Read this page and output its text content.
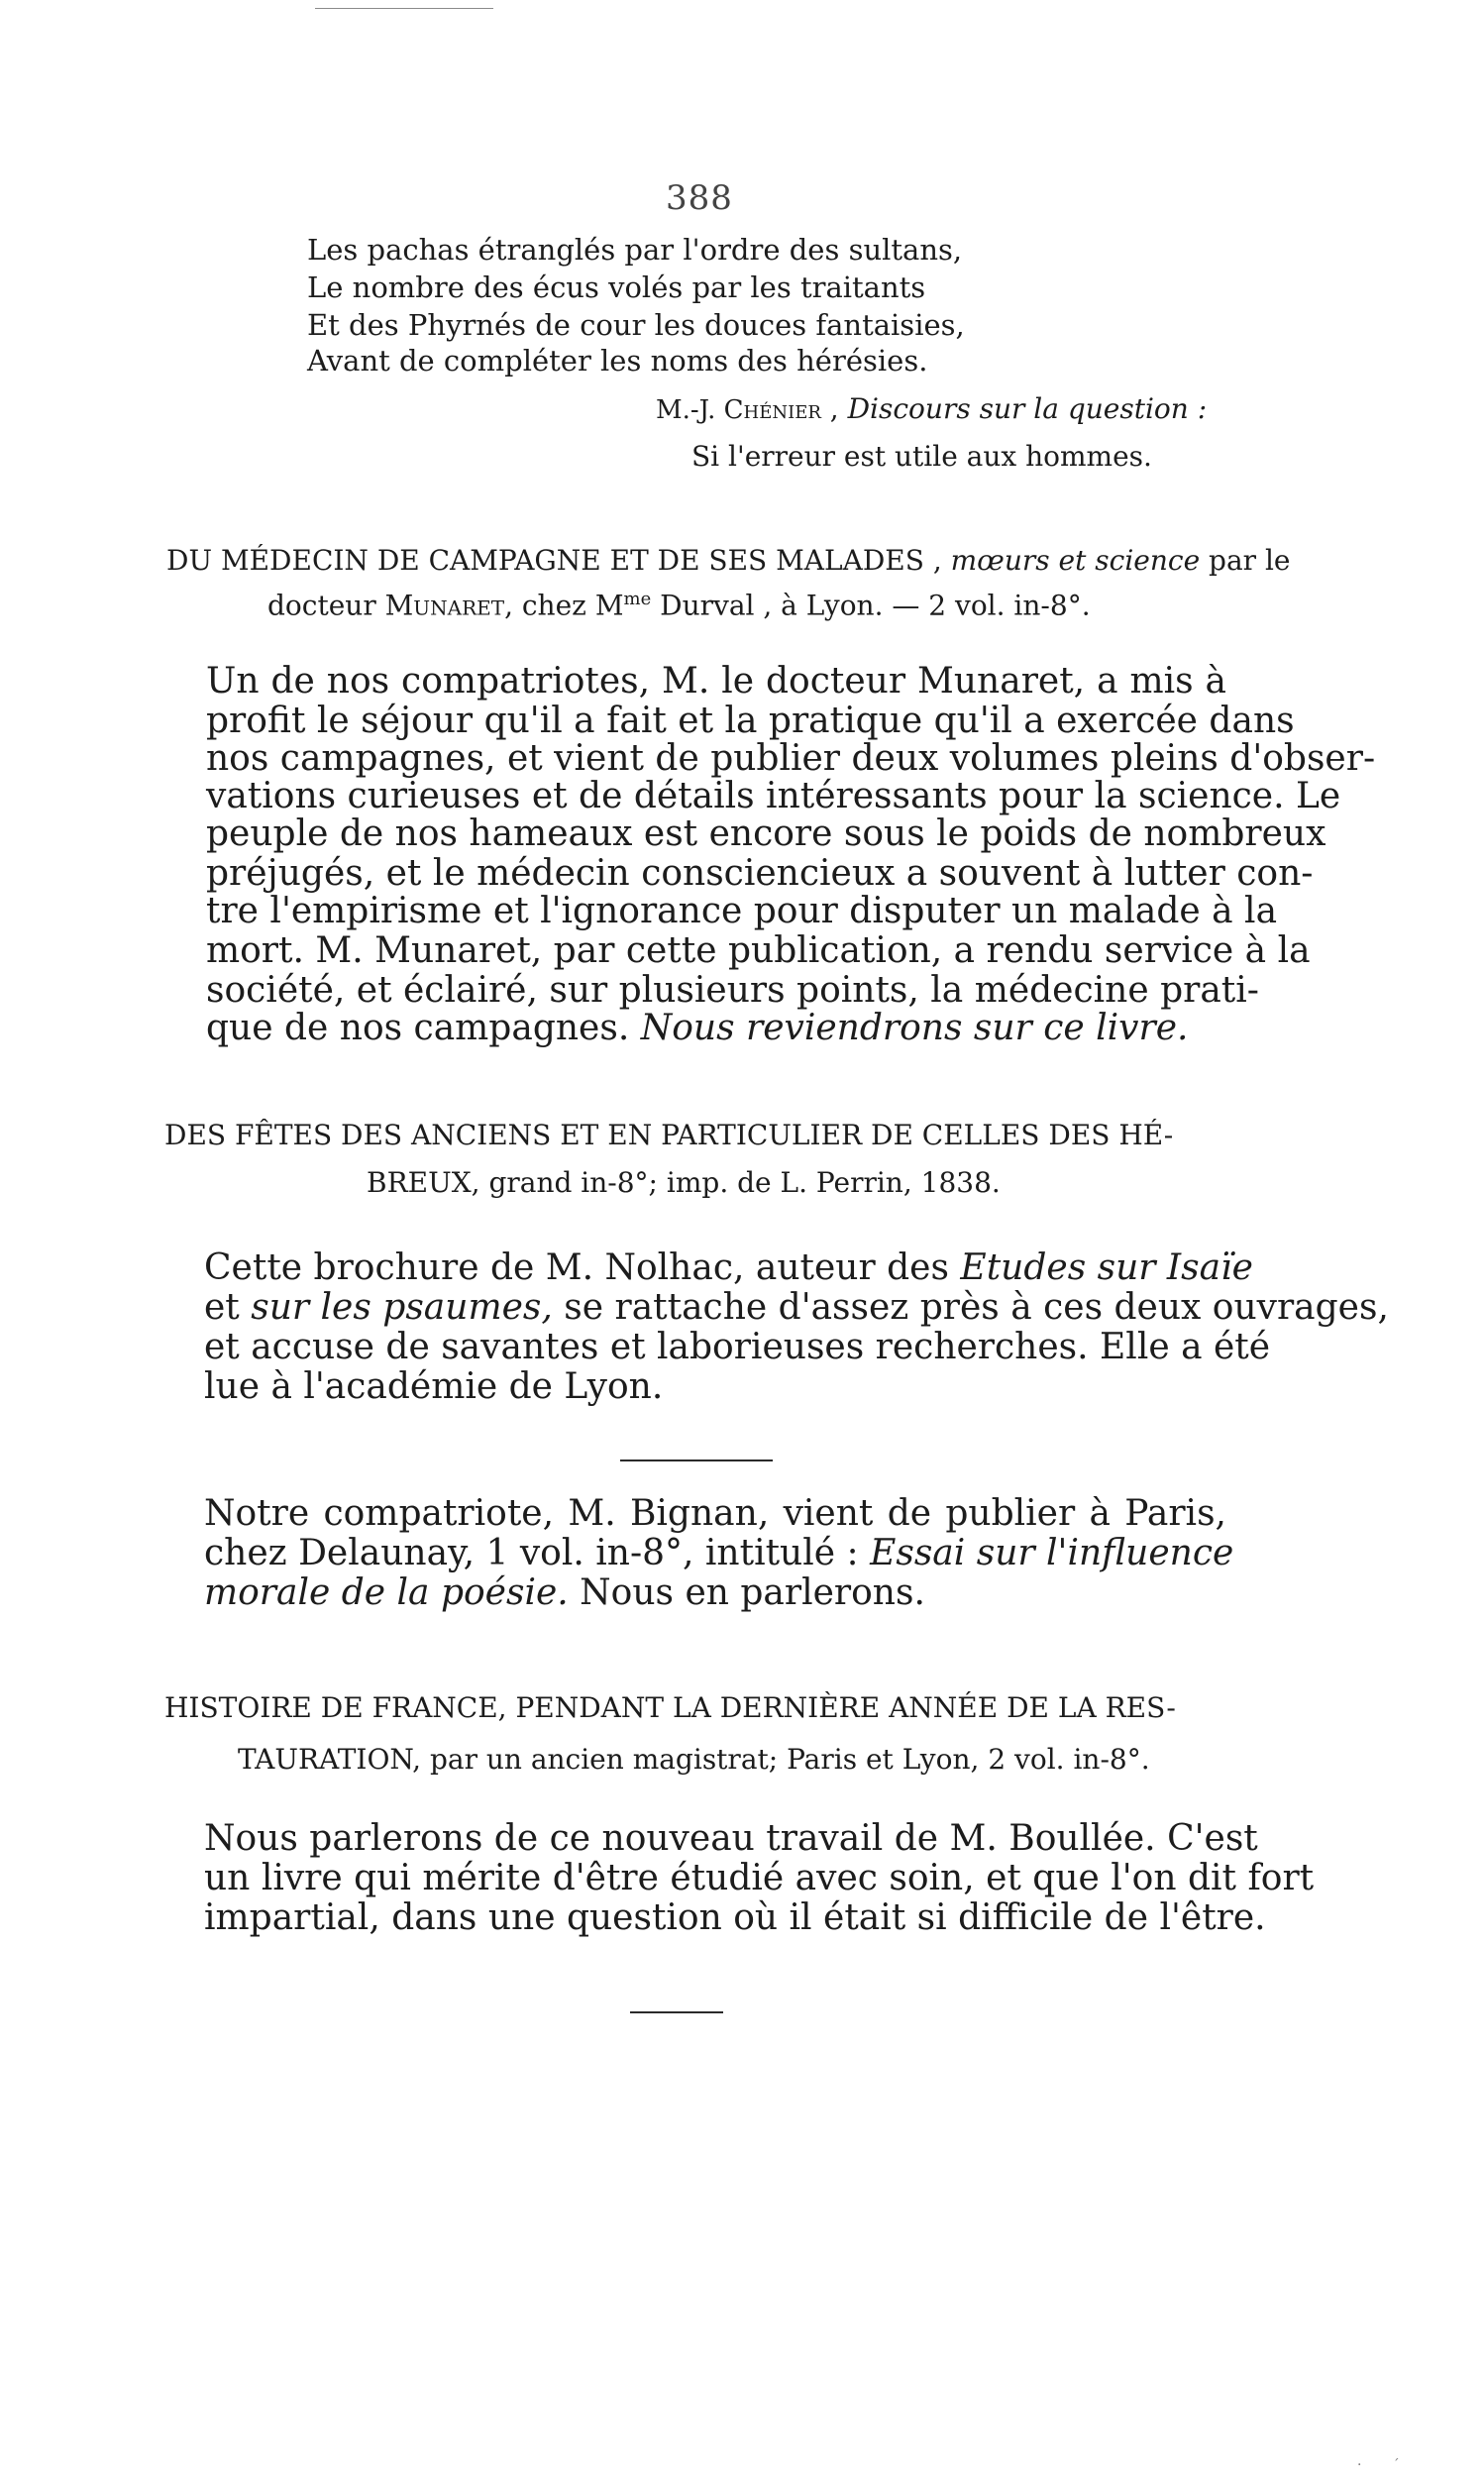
388
Les pachas étranglés par l'ordre des sultans,
Le nombre des écus volés par les traitants
Et des Phyrnés de cour les douces fantaisies,
Avant de compléter les noms des hérésies.
M.-J. Chénier , Discours sur la question :
Si l'erreur est utile aux hommes.
DU MÉDECIN DE CAMPAGNE ET DE SES MALADES , mœurs et science par le
docteur Munaret, chez $M^{me}$ Durval , à Lyon. — 2 vol. in-8°.
Un de nos compatriotes, M. le docteur Munaret, a mis à
profit le séjour qu'il a fait et la pratique qu'il a exercée dans
nos campagnes, et vient de publier deux volumes pleins d'obser-
vations curieuses et de détails intéressants pour la science. Le
peuple de nos hameaux est encore sous le poids de nombreux
préjugés, et le médecin consciencieux a souvent à lutter con-
tre l'empirisme et l'ignorance pour disputer un malade à la
mort. M. Munaret, par cette publication, a rendu service à la
société, et éclairé, sur plusieurs points, la médecine prati-
que de nos campagnes. Nous reviendrons sur ce livre.
DES FÊTES DES ANCIENS ET EN PARTICULIER DE CELLES DES HÉ-
BREUX, grand in-8°; imp. de L. Perrin, 1838.
Cette brochure de M. Nolhac, auteur des Etudes sur Isaïe
et sur les psaumes, se rattache d'assez près à ces deux ouvrages,
et accuse de savantes et laborieuses recherches. Elle a été
lue à l'académie de Lyon.
Notre compatriote, M. Bignan, vient de publier à Paris,
chez Delaunay, 1 vol. in-8°, intitulé : Essai sur l'influence
morale de la poésie. Nous en parlerons.
HISTOIRE DE FRANCE, PENDANT LA DERNIÈRE ANNÉE DE LA RES-
TAURATION, par un ancien magistrat; Paris et Lyon, 2 vol. in-8°.
Nous parlerons de ce nouveau travail de M. Boullée. C'est
un livre qui mérite d'être étudié avec soin, et que l'on dit fort
impartial, dans une question où il était si difficile de l'être.
·       ´
